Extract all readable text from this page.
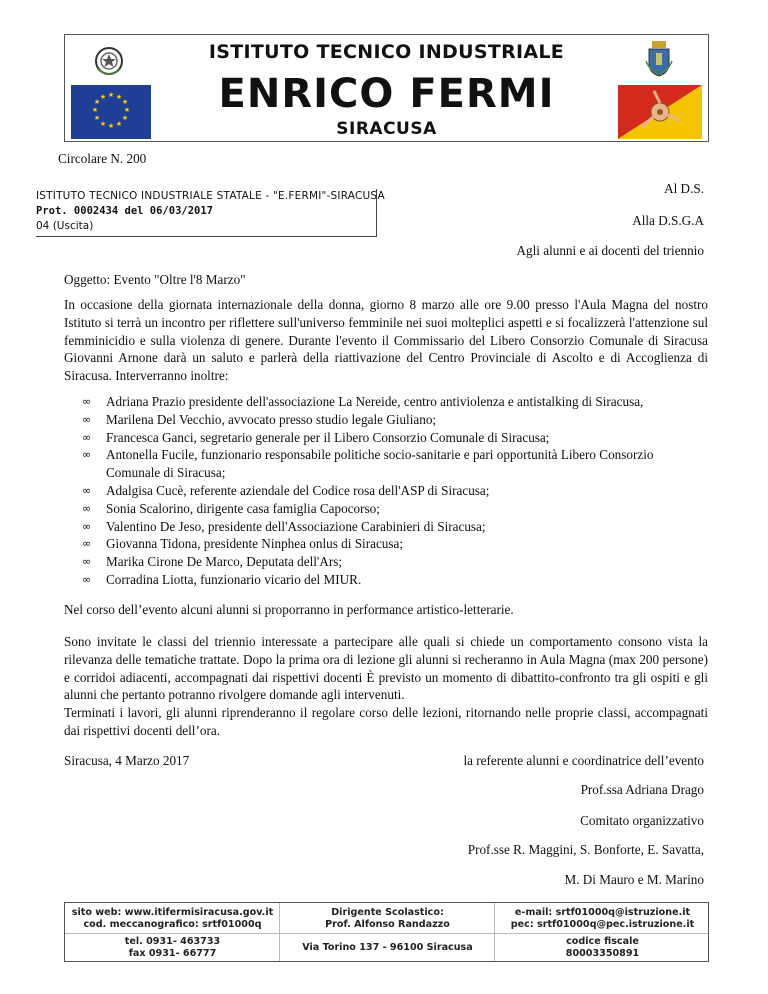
★ ★
★
★
★
★
★
★
★
★
★
★
ISTITUTO TECNICO INDUSTRIALE
ENRICO FERMI
SIRACUSA
Circolare N. 200
ISTITUTO TECNICO INDUSTRIALE STATALE - "E.FERMI"-SIRACUSA
Prot. 0002434 del 06/03/2017
04 (Uscita)
Al D.S.
Alla D.S.G.A
Agli alunni e ai docenti del triennio
Oggetto: Evento "Oltre l'8 Marzo"
In occasione della giornata internazionale della donna, giorno 8 marzo alle ore 9.00 presso l'Aula Magna del nostro Istituto si terrà un incontro per riflettere sull'universo femminile nei suoi molteplici aspetti e si focalizzerà l'attenzione sul femminicidio e sulla violenza di genere. Durante l'evento il Commissario del Libero Consorzio Comunale di Siracusa Giovanni Arnone darà un saluto e parlerà della riattivazione del Centro Provinciale di Ascolto e di Accoglienza di Siracusa. Interverranno inoltre:
∞ Adriana Prazio presidente dell'associazione La Nereide, centro antiviolenza e antistalking di Siracusa,
∞ Marilena Del Vecchio, avvocato presso studio legale Giuliano;
∞ Francesca Ganci, segretario generale per il Libero Consorzio Comunale di Siracusa;
∞ Antonella Fucile, funzionario responsabile politiche socio-sanitarie e pari opportunità Libero Consorzio Comunale di Siracusa;
∞ Adalgisa Cucè, referente aziendale del Codice rosa dell'ASP di Siracusa;
∞ Sonia Scalorino, dirigente casa famiglia Capocorso;
∞ Valentino De Jeso, presidente dell'Associazione Carabinieri di Siracusa;
∞ Giovanna Tidona, presidente Ninphea onlus di Siracusa;
∞ Marika Cirone De Marco, Deputata dell'Ars;
∞ Corradina Liotta, funzionario vicario del MIUR.
Nel corso dell’evento alcuni alunni si proporranno in performance artistico-letterarie.
Sono invitate le classi del triennio interessate a partecipare alle quali si chiede un comportamento consono vista la rilevanza delle tematiche trattate. Dopo la prima ora di lezione gli alunni si recheranno in Aula Magna (max 200 persone) e corridoi adiacenti, accompagnati dai rispettivi docenti È previsto un momento di dibattito-confronto tra gli ospiti e gli alunni che pertanto potranno rivolgere domande agli intervenuti.
Terminati i lavori, gli alunni riprenderanno il regolare corso delle lezioni, ritornando nelle proprie classi, accompagnati dai rispettivi docenti dell’ora.
Siracusa, 4 Marzo 2017	la referente alunni e coordinatrice dell’evento
Prof.ssa Adriana Drago
Comitato organizzativo
Prof.sse R. Maggini, S. Bonforte, E. Savatta,
M. Di Mauro e M. Marino
sito web: www.itifermisiracusa.gov.it
cod. meccanografico: srtf01000q
tel. 0931- 463733
fax 0931- 66777
Dirigente Scolastico:
Prof. Alfonso Randazzo
Via Torino 137 - 96100 Siracusa
e-mail: srtf01000q@istruzione.it
pec: srtf01000q@pec.istruzione.it
codice fiscale
80003350891
